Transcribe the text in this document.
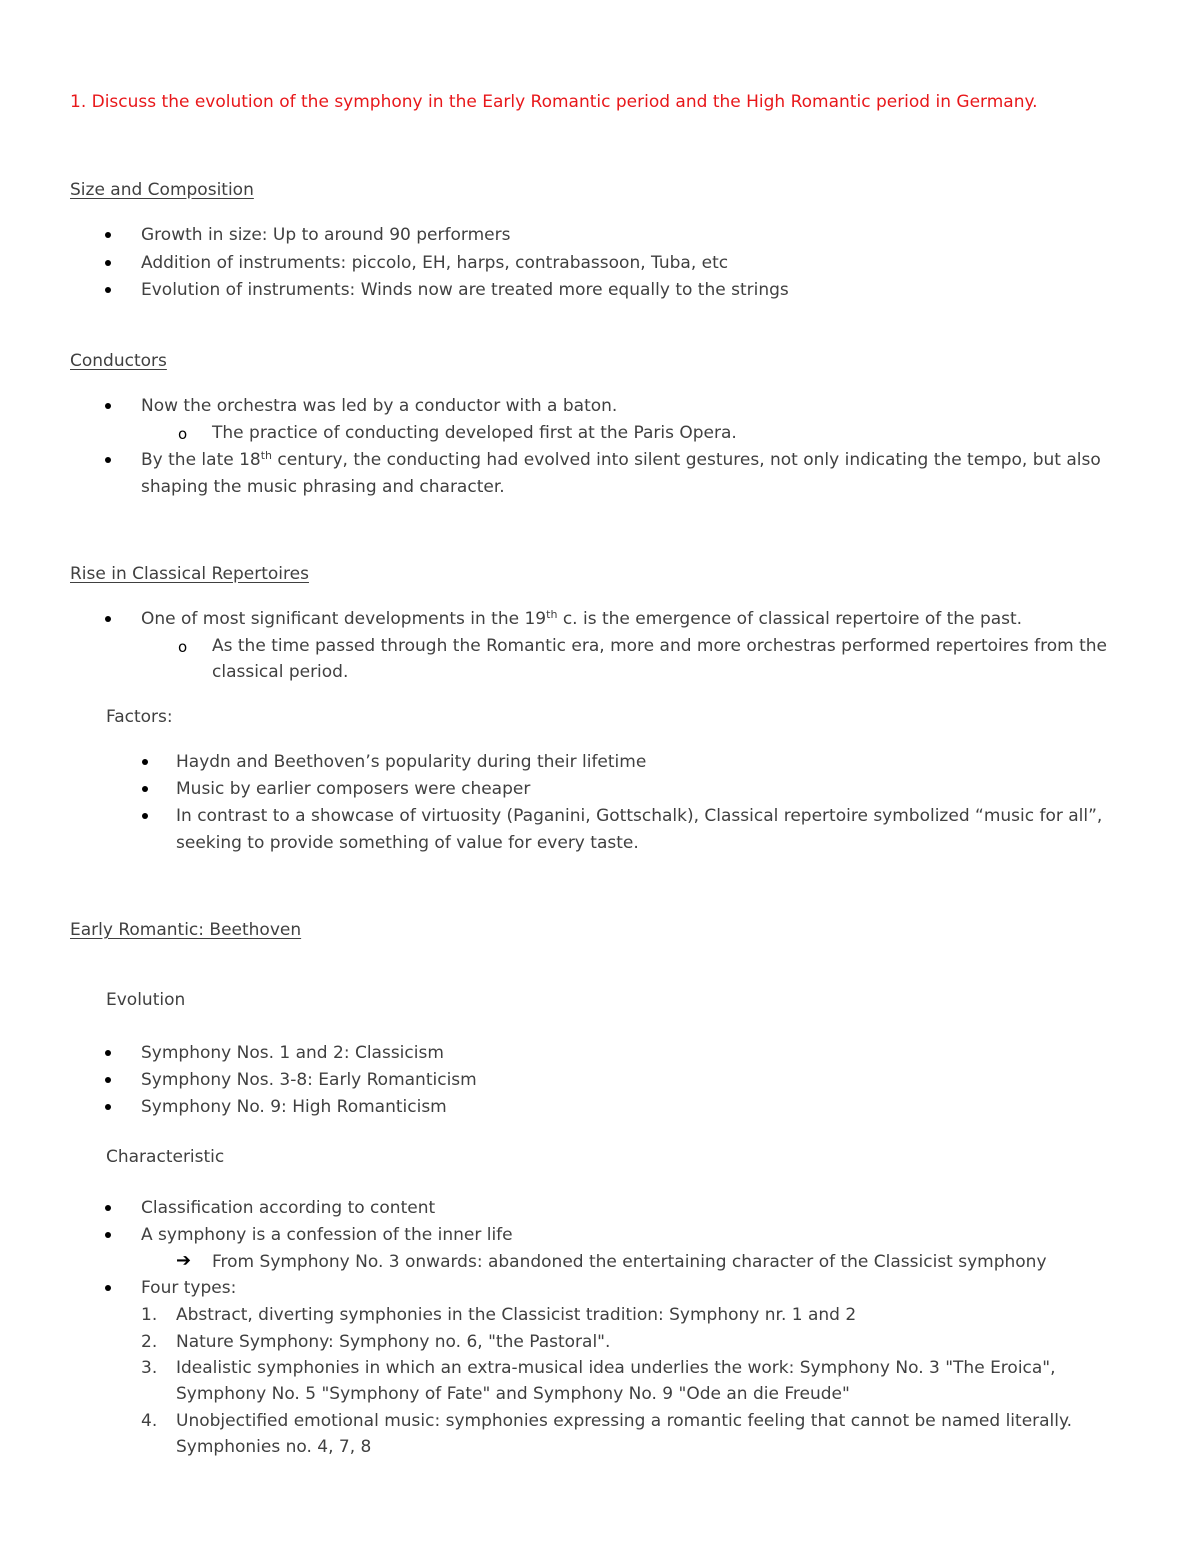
1. Discuss the evolution of the symphony in the Early Romantic period and the High Romantic period in Germany.
Size and Composition
Growth in size: Up to around 90 performers
Addition of instruments: piccolo, EH, harps, contrabassoon, Tuba, etc
Evolution of instruments: Winds now are treated more equally to the strings
Conductors
Now the orchestra was led by a conductor with a baton.
o The practice of conducting developed first at the Paris Opera.
By the late 18th century, the conducting had evolved into silent gestures, not only indicating the tempo, but also
shaping the music phrasing and character.
Rise in Classical Repertoires
One of most significant developments in the 19th c. is the emergence of classical repertoire of the past.
o As the time passed through the Romantic era, more and more orchestras performed repertoires from the
classical period.
Factors:
Haydn and Beethoven’s popularity during their lifetime
Music by earlier composers were cheaper
In contrast to a showcase of virtuosity (Paganini, Gottschalk), Classical repertoire symbolized “music for all”,
seeking to provide something of value for every taste.
Early Romantic: Beethoven
Evolution
Symphony Nos. 1 and 2: Classicism
Symphony Nos. 3-8: Early Romanticism
Symphony No. 9: High Romanticism
Characteristic
Classification according to content
A symphony is a confession of the inner life
➔ From Symphony No. 3 onwards: abandoned the entertaining character of the Classicist symphony
Four types:
1. Abstract, diverting symphonies in the Classicist tradition: Symphony nr. 1 and 2
2. Nature Symphony: Symphony no. 6, "the Pastoral".
3. Idealistic symphonies in which an extra-musical idea underlies the work: Symphony No. 3 "The Eroica",
Symphony No. 5 "Symphony of Fate" and Symphony No. 9 "Ode an die Freude"
4. Unobjectified emotional music: symphonies expressing a romantic feeling that cannot be named literally.
Symphonies no. 4, 7, 8
